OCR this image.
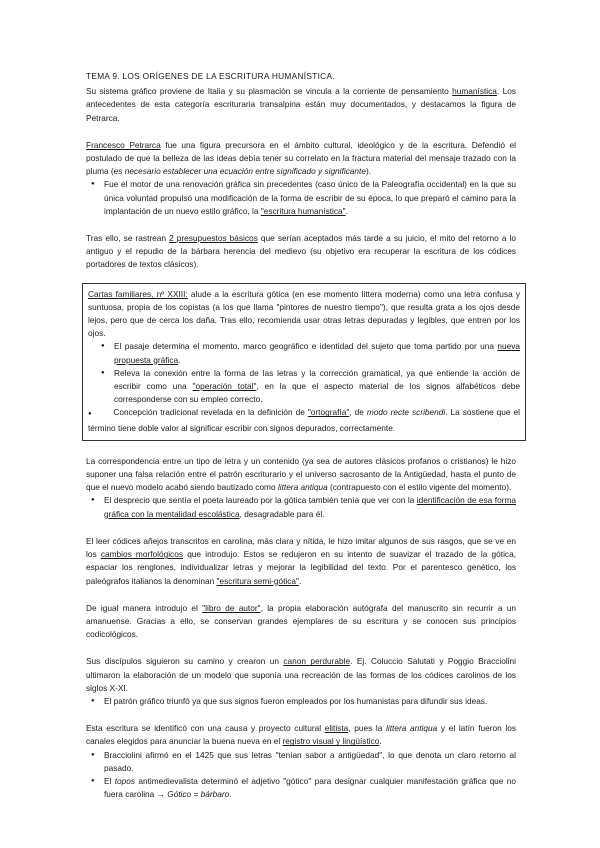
TEMA 9. LOS ORÍGENES DE LA ESCRITURA HUMANÍSTICA.

Su sistema gráfico proviene de Italia y su plasmación se vincula a la corriente de pensamiento humanística. Los antecedentes de esta categoría escrituraria transalpina están muy documentados, y destacamos la figura de Petrarca.

Francesco Petrarca fue una figura precursora en el ámbito cultural, ideológico y de la escritura. Defendió el postulado de que la belleza de las ideas debía tener su correlato en la fractura material del mensaje trazado con la pluma (es necesario establecer una ecuación entre significado y significante).

● Fue el motor de una renovación gráfica sin precedentes (caso único de la Paleografía occidental) en la que su única voluntad propulsó una modificación de la forma de escribir de su época, lo que preparó el camino para la implantación de un nuevo estilo gráfico, la "escritura humanística".

Tras ello, se rastrean 2 presupuestos básicos que serían aceptados más tarde a su juicio, el mito del retorno a lo antiguo y el repudio de la bárbara herencia del medievo (su objetivo era recuperar la escritura de los códices portadores de textos clásicos).

Cartas familiares, nº XXIII: alude a la escritura gótica (en ese momento littera moderna) como una letra confusa y suntuosa, propia de los copistas (a los que llama "pintores de nuestro tiempo"), que resulta grata a los ojos desde lejos, pero que de cerca los daña. Tras ello, recomienda usar otras letras depuradas y legibles, que entren por los ojos.

● El pasaje determina el momento, marco geográfico e identidad del sujeto que toma partido por una nueva propuesta gráfica.
● Releva la conexión entre la forma de las letras y la corrección gramatical, ya que entiende la acción de escribir como una "operación total", en la que el aspecto material de los signos alfabéticos debe corresponderse con su empleo correcto.

●	Concepción tradicional revelada en la definición de "ortografía", de modo recte scribendi. La sostiene que el término tiene doble valor al significar escribir con signos depurados, correctamente.

La correspondencia entre un tipo de letra y un contenido (ya sea de autores clásicos profanos o cristianos) le hizo suponer una falsa relación entre el patrón escriturario y el universo sacrosanto de la Antigüedad, hasta el punto de que el nuevo modelo acabó siendo bautizado como littera antiqua (contrapuesto con el estilo vigente del momento).

● El desprecio que sentía el poeta laureado por la gótica también tenía que ver con la identificación de esa forma gráfica con la mentalidad escolástica, desagradable para él.

El leer códices añejos transcritos en carolina, más clara y nítida, le hizo imitar algunos de sus rasgos, que se ve en los cambios morfológicos que introdujo. Estos se redujeron en su intento de suavizar el trazado de la gótica, espaciar los renglones, individualizar letras y mejorar la legibilidad del texto. Por el parentesco genético, los paleógrafos italianos la denominan "escritura semi-gótica".

De igual manera introdujo el "libro de autor", la propia elaboración autógrafa del manuscrito sin recurrir a un amanuense. Gracias a ello, se conservan grandes ejemplares de su escritura y se conocen sus principios codicológicos.

Sus discípulos siguieron su camino y crearon un canon perdurable. Ej. Coluccio Salutati y Poggio Bracciolini ultimaron la elaboración de un modelo que suponía una recreación de las formas de los códices carolinos de los siglos X-XI.

● El patrón gráfico triunfó ya que sus signos fueron empleados por los humanistas para difundir sus ideas.

Esta escritura se identificó con una causa y proyecto cultural elitista, pues la littera antiqua y el latín fueron los canales elegidos para anunciar la buena nueva en el registro visual y lingüístico.

● Bracciolini afirmó en el 1425 que sus letras "tenían sabor a antigüedad", lo que denota un claro retorno al pasado.
● El topos antimedievalista determinó el adjetivo "gótico" para designar cualquier manifestación gráfica que no fuera carolina → Gótico = bárbaro.
